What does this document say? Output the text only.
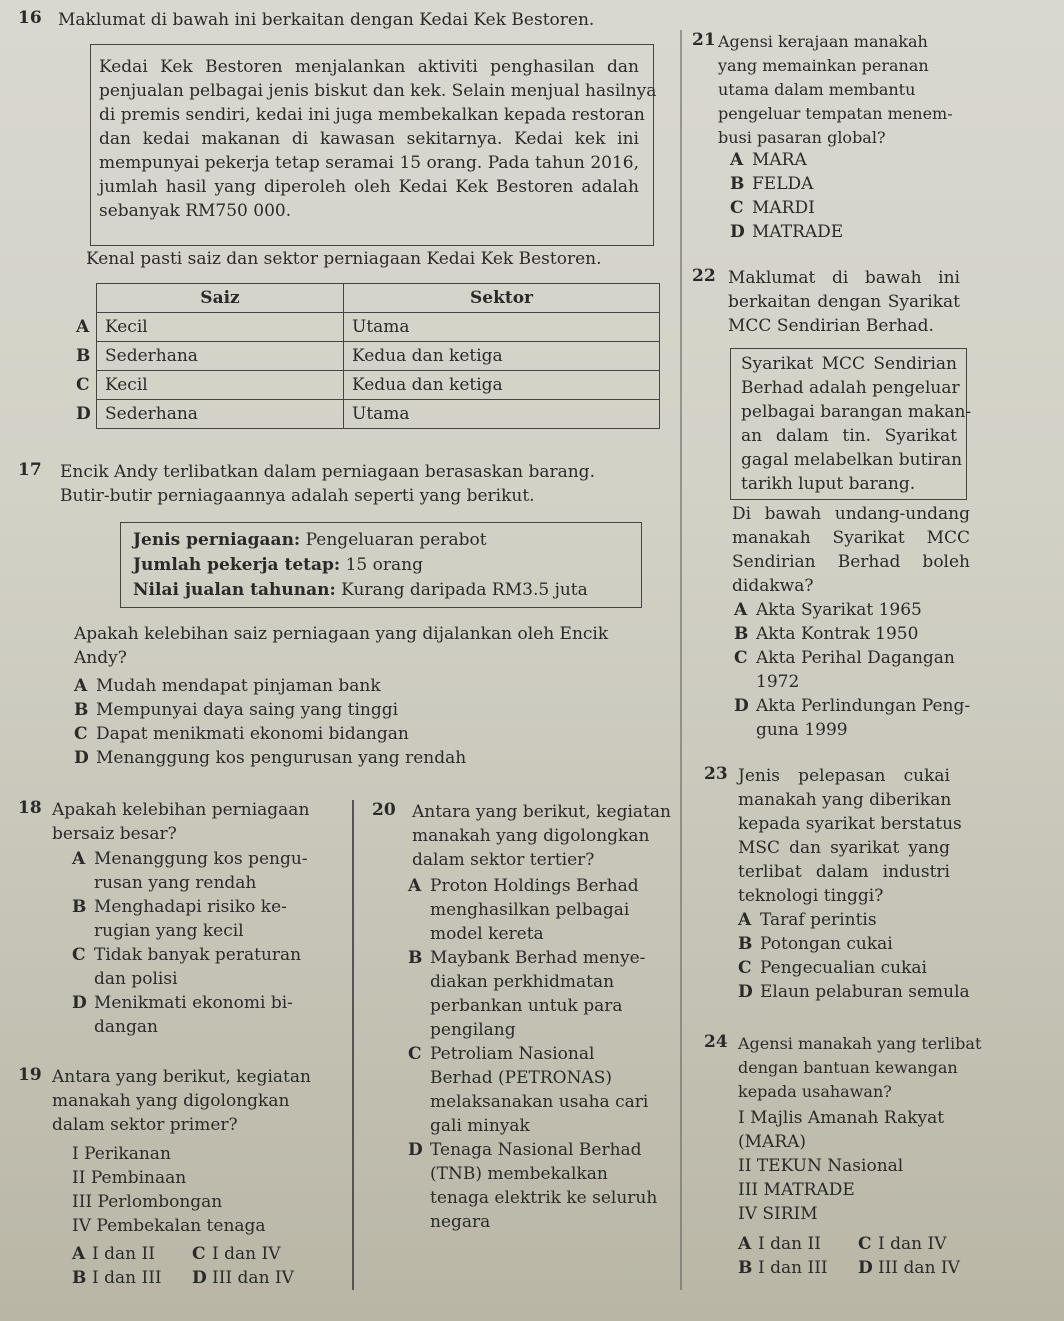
16 Maklumat di bawah ini berkaitan dengan Kedai Kek Bestoren.
Kedai Kek Bestoren menjalankan aktiviti penghasilan dan
penjualan pelbagai jenis biskut dan kek. Selain menjual hasilnya
di premis sendiri, kedai ini juga membekalkan kepada restoran
dan kedai makanan di kawasan sekitarnya. Kedai kek ini
mempunyai pekerja tetap seramai 15 orang. Pada tahun 2016,
jumlah hasil yang diperoleh oleh Kedai Kek Bestoren adalah
sebanyak RM750 000.
Kenal pasti saiz dan sektor perniagaan Kedai Kek Bestoren.
	Saiz	Sektor
A	Kecil	Utama
B	Sederhana	Kedua dan ketiga
C	Kecil	Kedua dan ketiga
D	Sederhana	Utama
17 Encik Andy terlibatkan dalam perniagaan berasaskan barang.
Butir-butir perniagaannya adalah seperti yang berikut.
Jenis perniagaan: Pengeluaran perabot
Jumlah pekerja tetap: 15 orang
Nilai jualan tahunan: Kurang daripada RM3.5 juta
Apakah kelebihan saiz perniagaan yang dijalankan oleh Encik
Andy?
A Mudah mendapat pinjaman bank
B Mempunyai daya saing yang tinggi
C Dapat menikmati ekonomi bidangan
D Menanggung kos pengurusan yang rendah
18 Apakah kelebihan perniagaan
bersaiz besar?
A Menanggung kos pengu-
rusan yang rendah
B Menghadapi risiko ke-
rugian yang kecil
C Tidak banyak peraturan
dan polisi
D Menikmati ekonomi bi-
dangan
19 Antara yang berikut, kegiatan
manakah yang digolongkan
dalam sektor primer?
I Perikanan
II Pembinaan
III Perlombongan
IV Pembekalan tenaga
A I dan II	C I dan IV
B I dan III	D III dan IV
20 Antara yang berikut, kegiatan
manakah yang digolongkan
dalam sektor tertier?
A Proton Holdings Berhad
menghasilkan pelbagai
model kereta
B Maybank Berhad menye-
diakan perkhidmatan
perbankan untuk para
pengilang
C Petroliam Nasional
Berhad (PETRONAS)
melaksanakan usaha cari
gali minyak
D Tenaga Nasional Berhad
(TNB) membekalkan
tenaga elektrik ke seluruh
negara
21 Agensi kerajaan manakah
yang memainkan peranan
utama dalam membantu
pengeluar tempatan menem-
busi pasaran global?
A MARA
B FELDA
C MARDI
D MATRADE
22 Maklumat di bawah ini
berkaitan dengan Syarikat
MCC Sendirian Berhad.
Syarikat MCC Sendirian
Berhad adalah pengeluar
pelbagai barangan makan-
an dalam tin. Syarikat
gagal melabelkan butiran
tarikh luput barang.
Di bawah undang-undang
manakah Syarikat MCC
Sendirian Berhad boleh
didakwa?
A Akta Syarikat 1965
B Akta Kontrak 1950
C Akta Perihal Dagangan
1972
D Akta Perlindungan Peng-
guna 1999
23 Jenis pelepasan cukai
manakah yang diberikan
kepada syarikat berstatus
MSC dan syarikat yang
terlibat dalam industri
teknologi tinggi?
A Taraf perintis
B Potongan cukai
C Pengecualian cukai
D Elaun pelaburan semula
24 Agensi manakah yang terlibat
dengan bantuan kewangan
kepada usahawan?
I Majlis Amanah Rakyat
(MARA)
II TEKUN Nasional
III MATRADE
IV SIRIM
A I dan II	C I dan IV
B I dan III	D III dan IV
